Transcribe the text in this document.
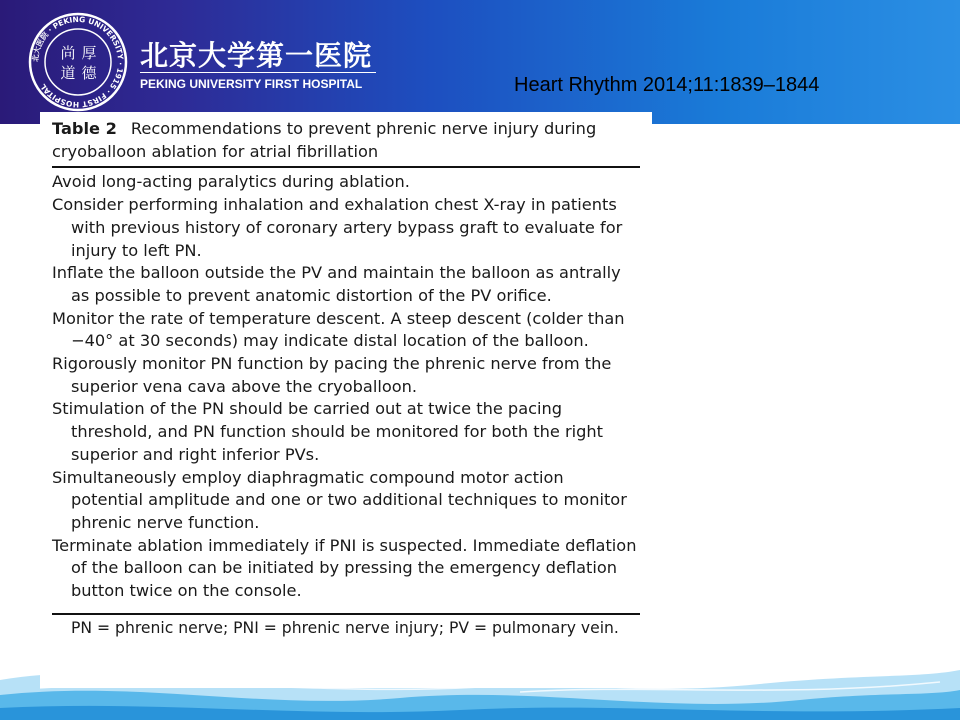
北大医院 · PEKING UNIVERSITY · 1915 · FIRST HOSPITAL
尚 厚
道 德
北京大学第一医院
PEKING UNIVERSITY FIRST HOSPITAL	Heart Rhythm 2014;11:1839–1844
Table 2 Recommendations to prevent phrenic nerve injury during cryoballoon ablation for atrial fibrillation
Avoid long-acting paralytics during ablation.
Consider performing inhalation and exhalation chest X-ray in patients with previous history of coronary artery bypass graft to evaluate for injury to left PN.
Inflate the balloon outside the PV and maintain the balloon as antrally as possible to prevent anatomic distortion of the PV orifice.
Monitor the rate of temperature descent. A steep descent (colder than −40° at 30 seconds) may indicate distal location of the balloon.
Rigorously monitor PN function by pacing the phrenic nerve from the superior vena cava above the cryoballoon.
Stimulation of the PN should be carried out at twice the pacing threshold, and PN function should be monitored for both the right superior and right inferior PVs.
Simultaneously employ diaphragmatic compound motor action potential amplitude and one or two additional techniques to monitor phrenic nerve function.
Terminate ablation immediately if PNI is suspected. Immediate deflation of the balloon can be initiated by pressing the emergency deflation button twice on the console.
PN = phrenic nerve; PNI = phrenic nerve injury; PV = pulmonary vein.
